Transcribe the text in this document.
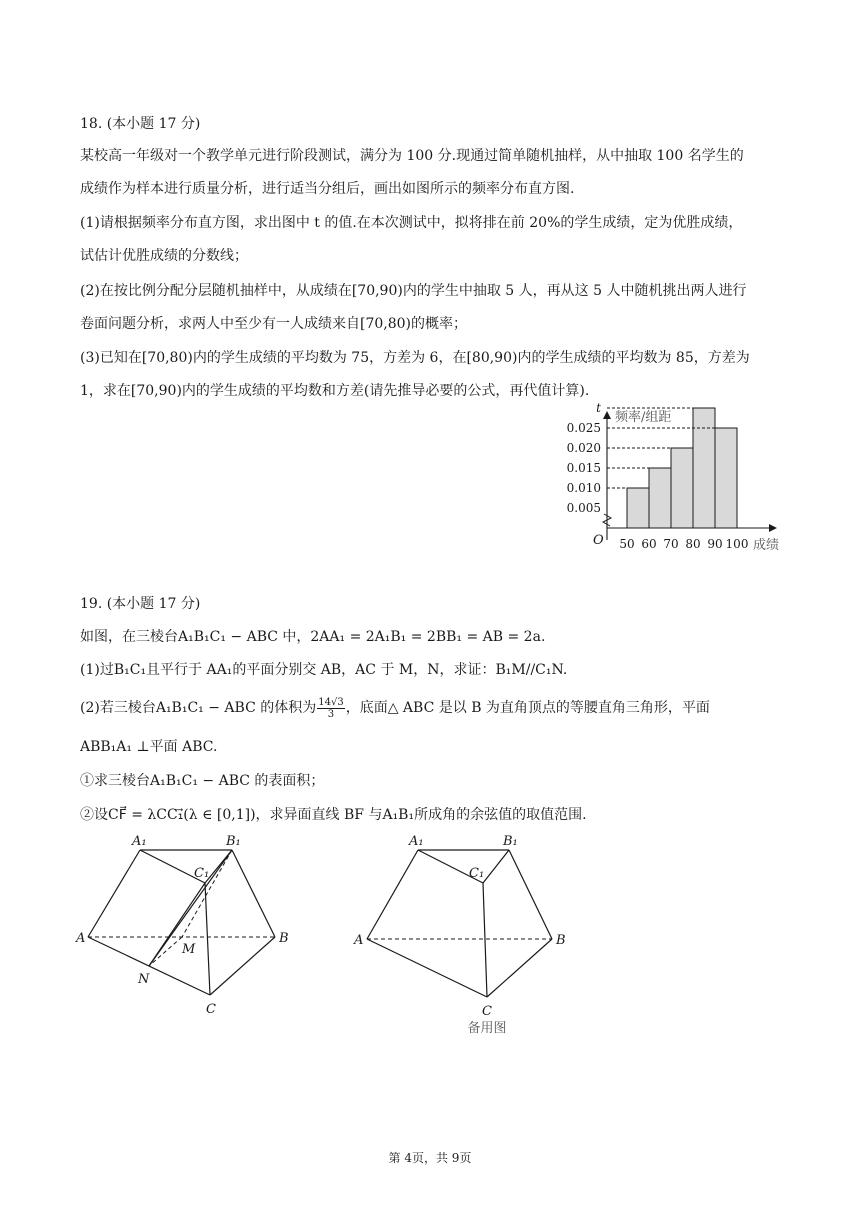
18. (本小题 17 分)
某校高一年级对一个教学单元进行阶段测试，满分为 100 分.现通过简单随机抽样，从中抽取 100 名学生的
成绩作为样本进行质量分析，进行适当分组后，画出如图所示的频率分布直方图.
(1)请根据频率分布直方图，求出图中 t 的值.在本次测试中，拟将排在前 20%的学生成绩，定为优胜成绩，
试估计优胜成绩的分数线；
(2)在按比例分配分层随机抽样中，从成绩在[70,90)内的学生中抽取 5 人，再从这 5 人中随机挑出两人进行
卷面问题分析，求两人中至少有一人成绩来自[70,80)的概率；
(3)已知在[70,80)内的学生成绩的平均数为 75，方差为 6，在[80,90)内的学生成绩的平均数为 85，方差为
1，求在[70,90)内的学生成绩的平均数和方差(请先推导必要的公式，再代值计算).
0.005
0.010
0.015
0.020
0.025
t
50 60 70 80 90 100
O
频率/组距
成绩
19. (本小题 17 分)
如图，在三棱台A₁B₁C₁ − ABC 中，2AA₁ = 2A₁B₁ = 2BB₁ = AB = 2a.
(1)过B₁C₁且平行于 AA₁的平面分别交 AB，AC 于 M，N，求证：B₁M//C₁N.
(2)若三棱台A₁B₁C₁ − ABC 的体积为 $\frac{14√3}{3}$ ，底面△ ABC 是以 B 为直角顶点的等腰直角三角形，平面
ABB₁A₁ ⊥平面 ABC.
①求三棱台A₁B₁C₁ − ABC 的表面积；
②设CF⃗ = λCC₁⃗(λ ∈ [0,1])，求异面直线 BF 与A₁B₁所成角的余弦值的取值范围.
A₁	B₁
C₁
A	B
C
M
N
A₁	B₁
C₁
A	B
C
备用图
第 4页，共 9页
